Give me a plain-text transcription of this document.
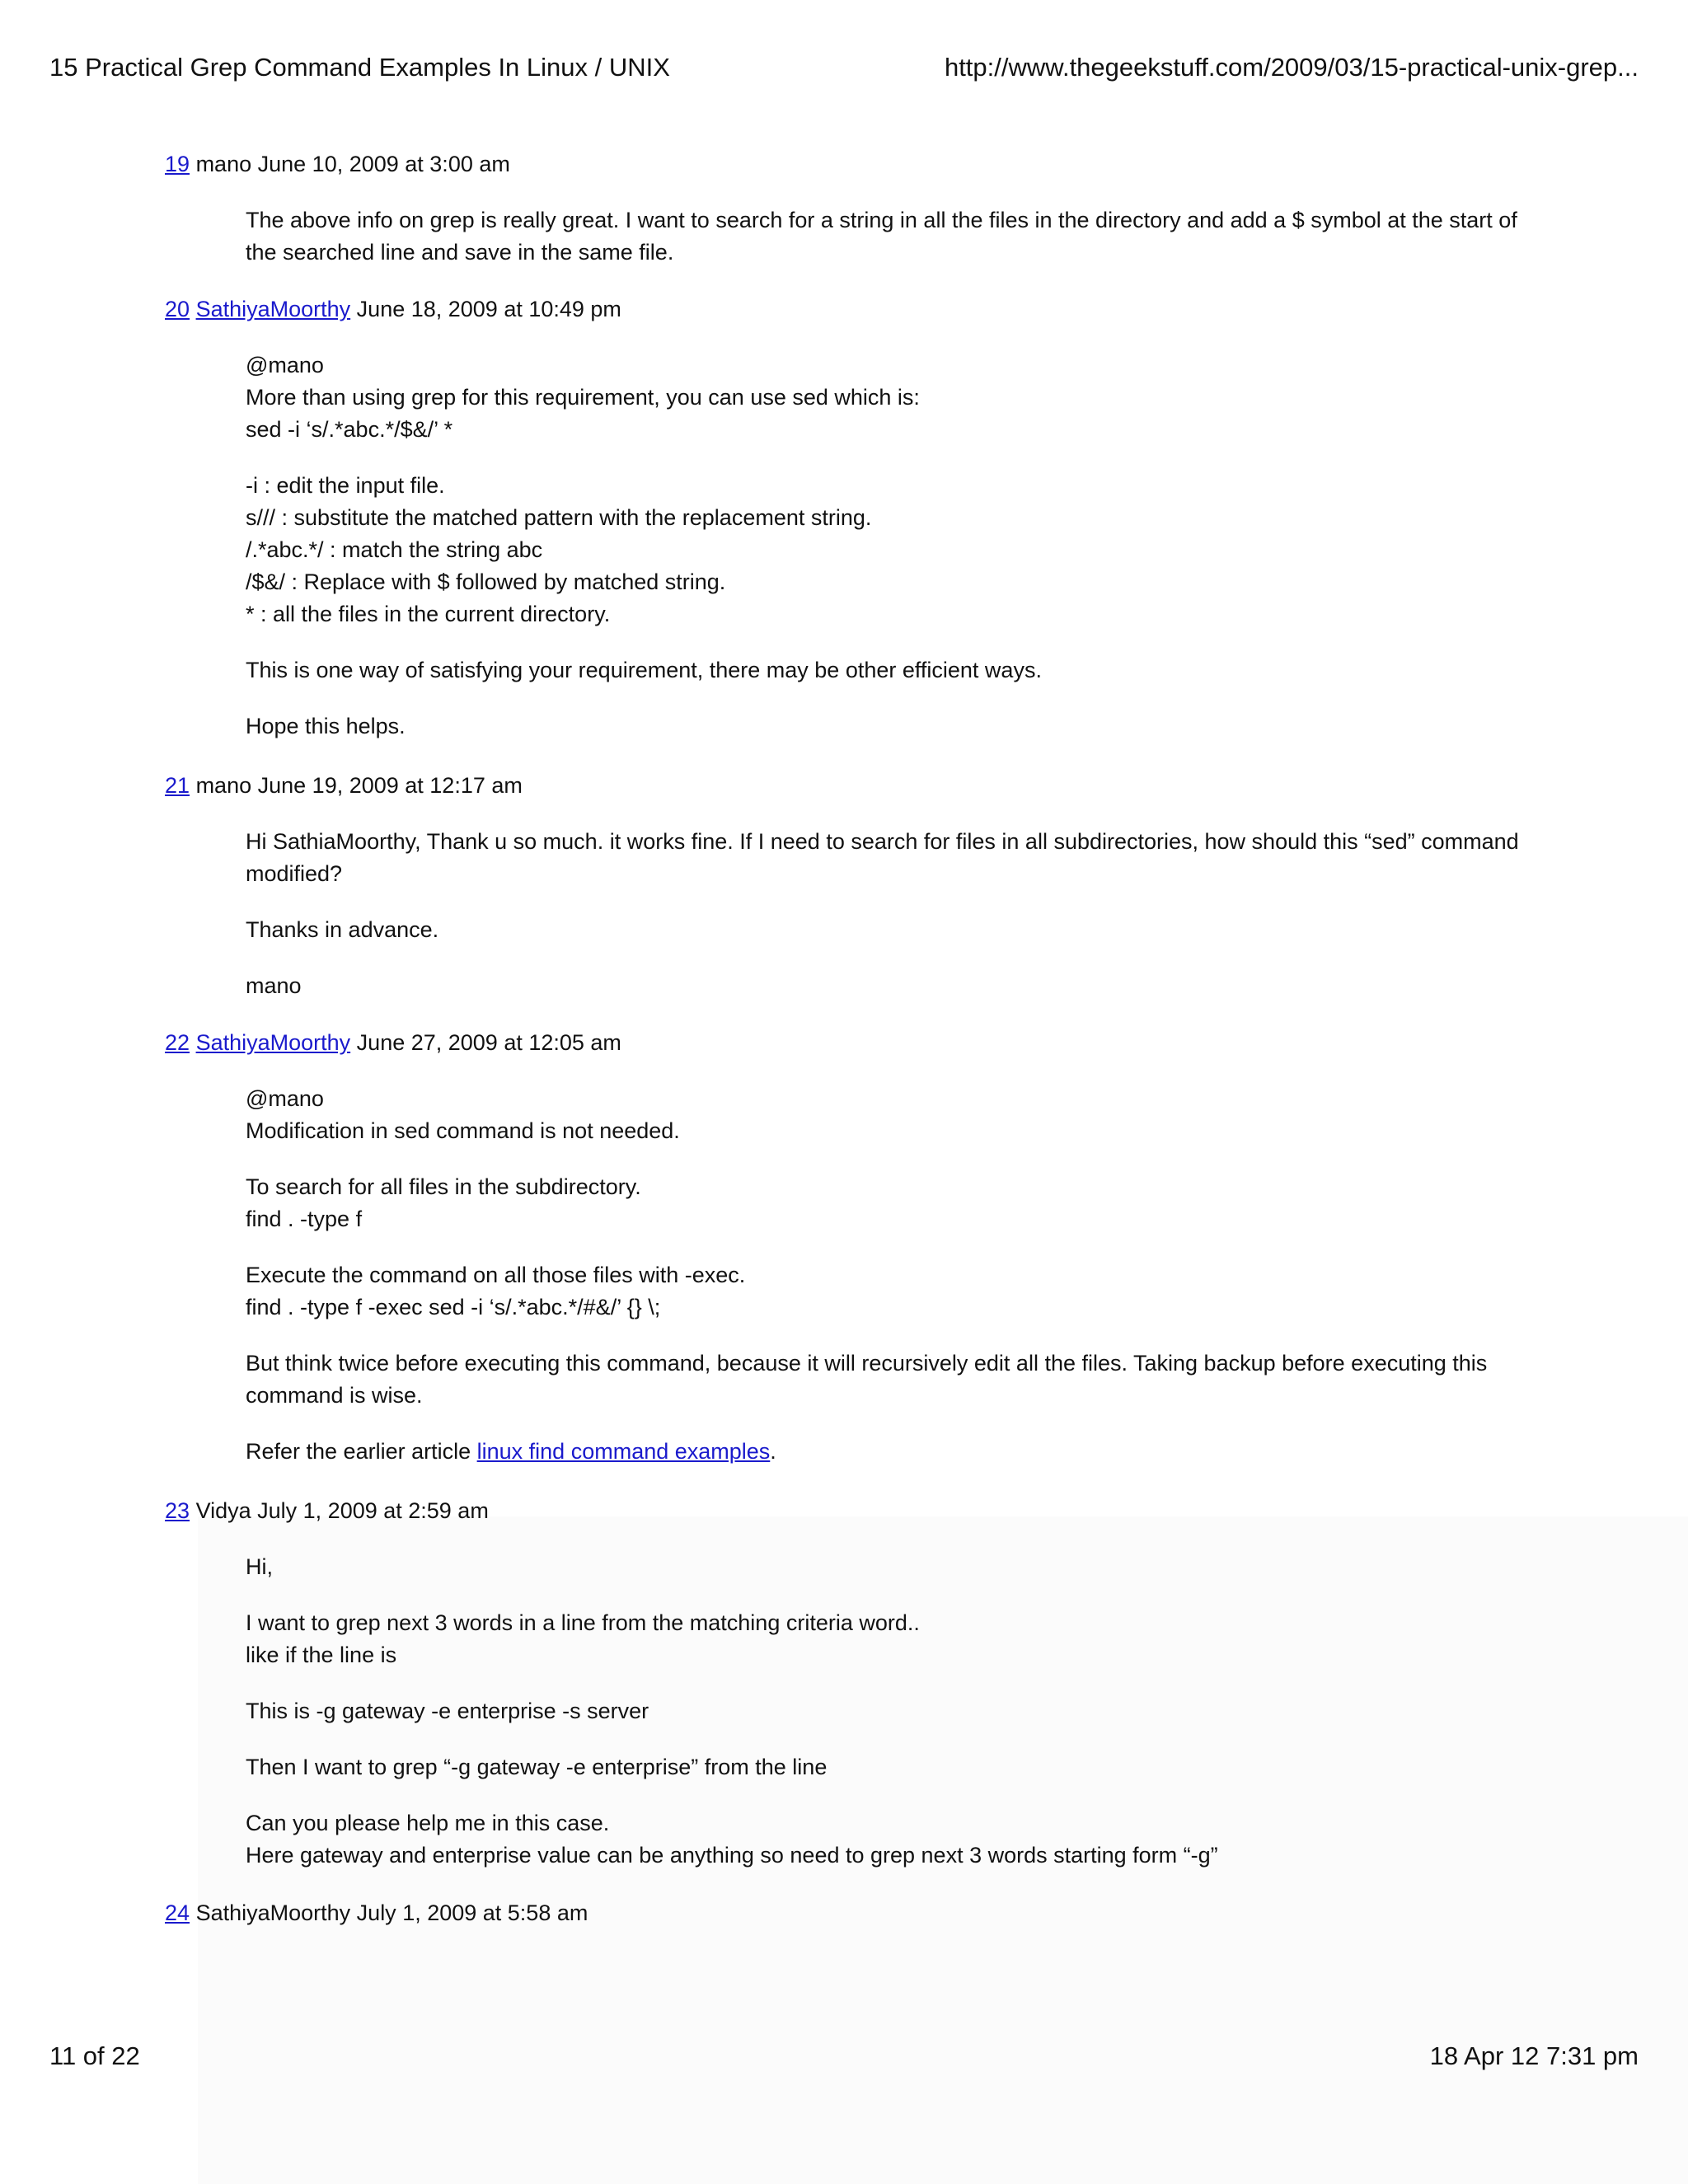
15 Practical Grep Command Examples In Linux / UNIX	http://www.thegeekstuff.com/2009/03/15-practical-unix-grep...
19 mano June 10, 2009 at 3:00 am

The above info on grep is really great. I want to search for a string in all the files in the directory and add a $ symbol at the start of the searched line and save in the same file.

20 SathiyaMoorthy June 18, 2009 at 10:49 pm

@mano
More than using grep for this requirement, you can use sed which is:
sed -i ‘s/.*abc.*/$&/’ *

-i : edit the input file.
s/// : substitute the matched pattern with the replacement string.
/.*abc.*/ : match the string abc
/$&/ : Replace with $ followed by matched string.
* : all the files in the current directory.

This is one way of satisfying your requirement, there may be other efficient ways.

Hope this helps.

21 mano June 19, 2009 at 12:17 am

Hi SathiaMoorthy, Thank u so much. it works fine. If I need to search for files in all subdirectories, how should this “sed” command modified?

Thanks in advance.

mano

22 SathiyaMoorthy June 27, 2009 at 12:05 am

@mano
Modification in sed command is not needed.

To search for all files in the subdirectory.
find . -type f

Execute the command on all those files with -exec.
find . -type f -exec sed -i ‘s/.*abc.*/#&/’ {} \;

But think twice before executing this command, because it will recursively edit all the files. Taking backup before executing this command is wise.

Refer the earlier article linux find command examples.

23 Vidya July 1, 2009 at 2:59 am

Hi,

I want to grep next 3 words in a line from the matching criteria word..
like if the line is

This is -g gateway -e enterprise -s server

Then I want to grep “-g gateway -e enterprise” from the line

Can you please help me in this case.
Here gateway and enterprise value can be anything so need to grep next 3 words starting form “-g”

24 SathiyaMoorthy July 1, 2009 at 5:58 am
11 of 22	18 Apr 12 7:31 pm
